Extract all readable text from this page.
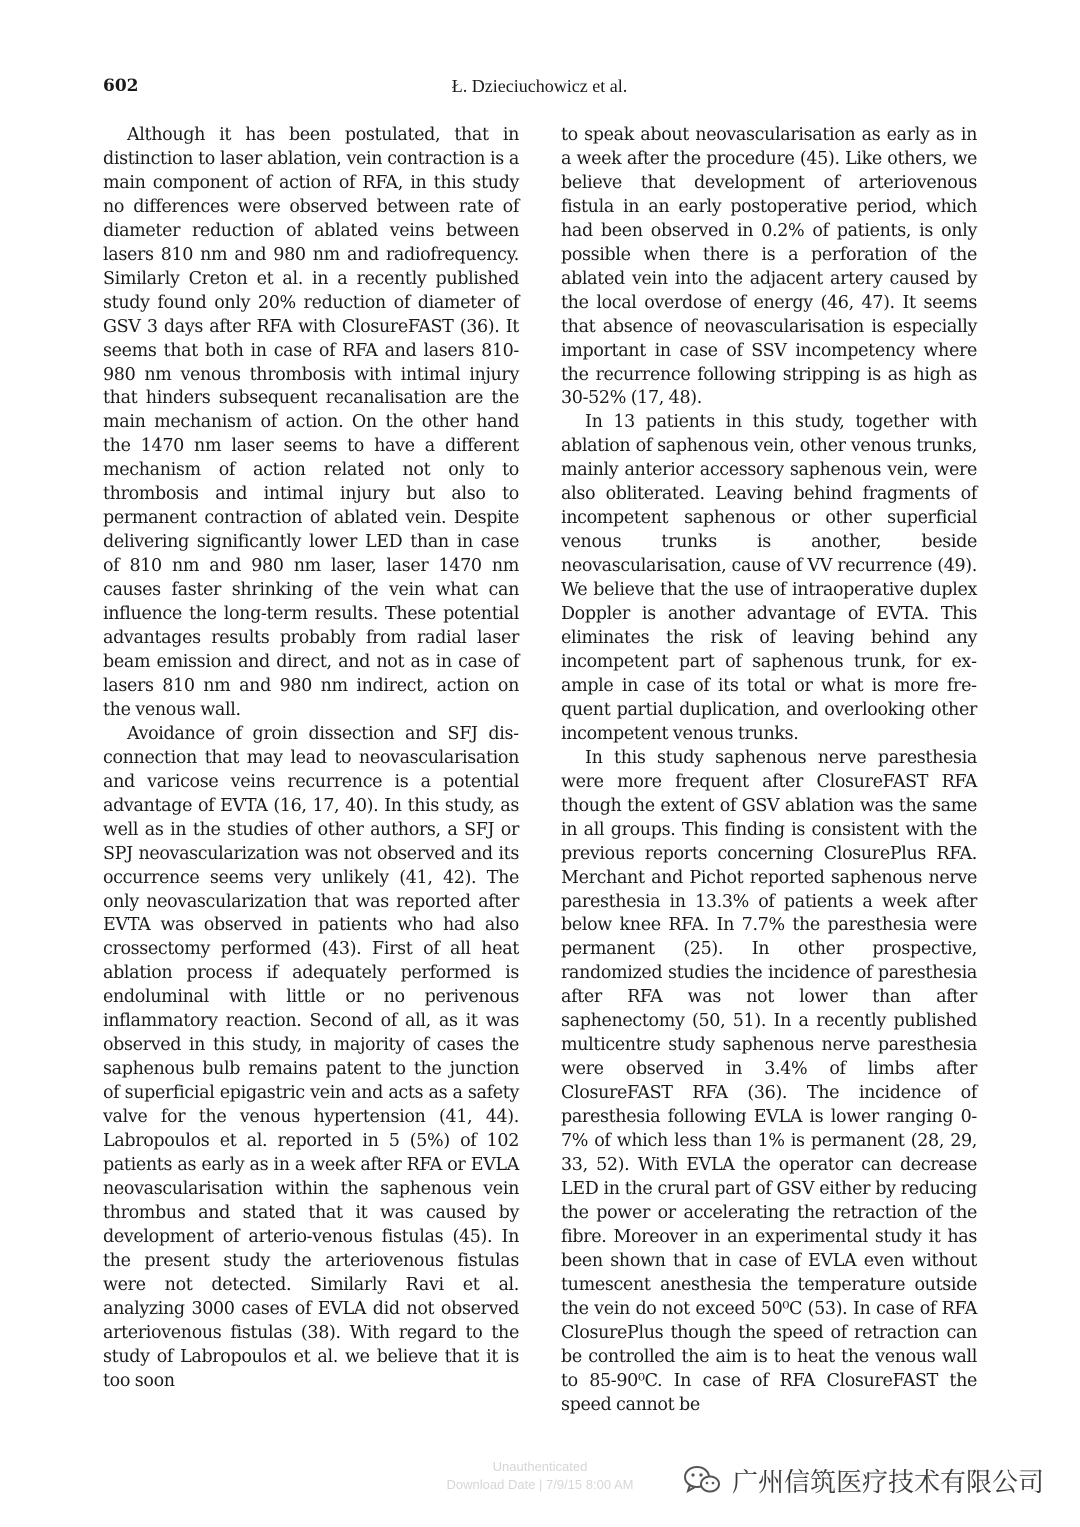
602	Ł. Dzieciuchowicz et al.

Although it has been postulated, that in distinction to laser ablation, vein contraction is a main component of action of RFA, in this study no differences were observed between rate of diameter reduction of ablated veins between lasers 810 nm and 980 nm and radiofrequency. Similarly Creton et al. in a recently published study found only 20% reduction of diameter of GSV 3 days after RFA with ClosureFAST (36). It seems that both in case of RFA and lasers 810-980 nm venous thrombosis with intimal injury that hinders subsequent recanalisation are the main mechanism of action. On the other hand the 1470 nm laser seems to have a different mechanism of action related not only to thrombosis and intimal injury but also to permanent contraction of ablated vein. Despite delivering significantly lower LED than in case of 810 nm and 980 nm laser, laser 1470 nm causes faster shrinking of the vein what can influence the long-term results. These potential advantages results probably from radial laser beam emission and direct, and not as in case of lasers 810 nm and 980 nm indirect, action on the venous wall.

Avoidance of groin dissection and SFJ disconnection that may lead to neovascularisation and varicose veins recurrence is a potential advantage of EVTA (16, 17, 40). In this study, as well as in the studies of other authors, a SFJ or SPJ neovascularization was not observed and its occurrence seems very unlikely (41, 42). The only neovascularization that was reported after EVTA was observed in patients who had also crossectomy performed (43). First of all heat ablation process if adequately performed is endoluminal with little or no perivenous inflammatory reaction. Second of all, as it was observed in this study, in majority of cases the saphenous bulb remains patent to the junction of superficial epigastric vein and acts as a safety valve for the venous hypertension (41, 44). Labropoulos et al. reported in 5 (5%) of 102 patients as early as in a week after RFA or EVLA neovascularisation within the saphenous vein thrombus and stated that it was caused by development of arterio-venous fistulas (45). In the present study the arteriovenous fistulas were not detected. Similarly Ravi et al. analyzing 3000 cases of EVLA did not observed arteriovenous fistulas (38). With regard to the study of Labropoulos et al. we believe that it is too soon

to speak about neovascularisation as early as in a week after the procedure (45). Like others, we believe that development of arteriovenous fistula in an early postoperative period, which had been observed in 0.2% of patients, is only possible when there is a perforation of the ablated vein into the adjacent artery caused by the local overdose of energy (46, 47). It seems that absence of neovascularisation is especially important in case of SSV incompetency where the recurrence following stripping is as high as 30-52% (17, 48).

In 13 patients in this study, together with ablation of saphenous vein, other venous trunks, mainly anterior accessory saphenous vein, were also obliterated. Leaving behind fragments of incompetent saphenous or other superficial venous trunks is another, beside neovascularisation, cause of VV recurrence (49). We believe that the use of intraoperative duplex Doppler is another advantage of EVTA. This eliminates the risk of leaving behind any incompetent part of saphenous trunk, for example in case of its total or what is more frequent partial duplication, and overlooking other incompetent venous trunks.

In this study saphenous nerve paresthesia were more frequent after ClosureFAST RFA though the extent of GSV ablation was the same in all groups. This finding is consistent with the previous reports concerning ClosurePlus RFA. Merchant and Pichot reported saphenous nerve paresthesia in 13.3% of patients a week after below knee RFA. In 7.7% the paresthesia were permanent (25). In other prospective, randomized studies the incidence of paresthesia after RFA was not lower than after saphenectomy (50, 51). In a recently published multicentre study saphenous nerve paresthesia were observed in 3.4% of limbs after ClosureFAST RFA (36). The incidence of paresthesia following EVLA is lower ranging 0-7% of which less than 1% is permanent (28, 29, 33, 52). With EVLA the operator can decrease LED in the crural part of GSV either by reducing the power or accelerating the retraction of the fibre. Moreover in an experimental study it has been shown that in case of EVLA even without tumescent anesthesia the temperature outside the vein do not exceed 50⁰C (53). In case of RFA ClosurePlus though the speed of retraction can be controlled the aim is to heat the venous wall to 85-90⁰C. In case of RFA ClosureFAST the speed cannot be

Unauthenticated
Download Date | 7/9/15 8:00 AM	广州信筑医疗技术有限公司
